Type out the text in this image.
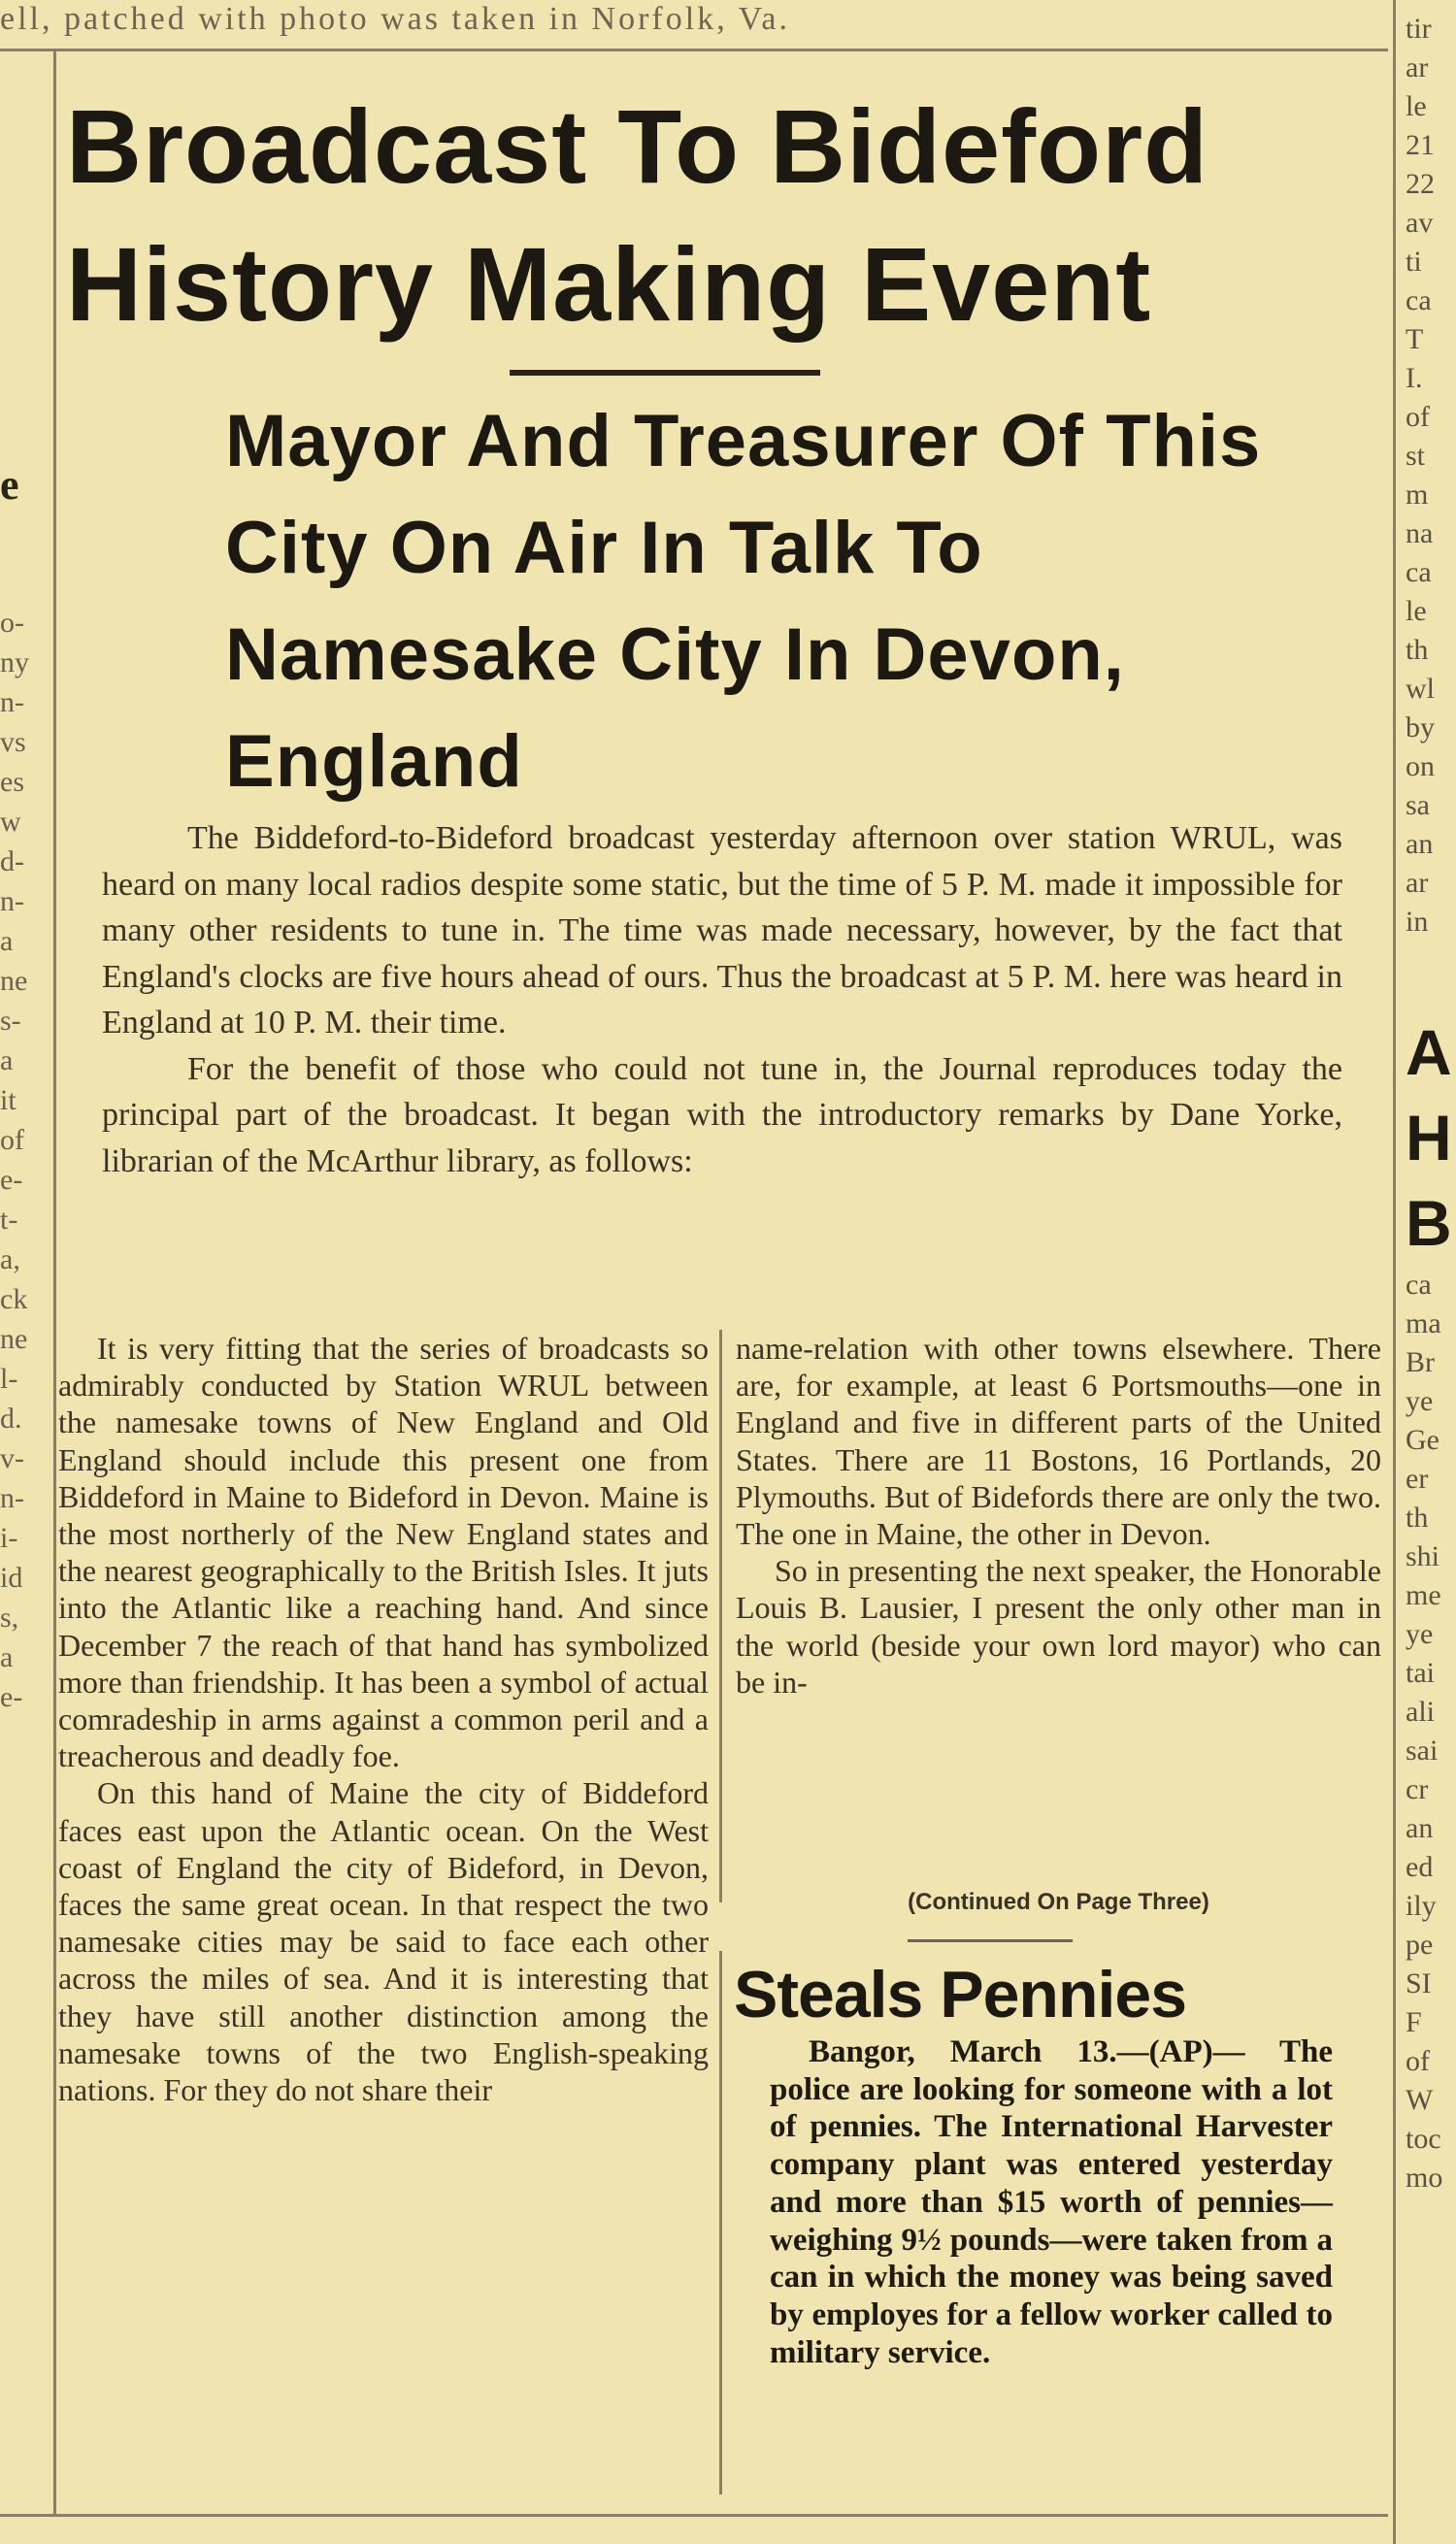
ell, patched with photo was taken in Norfolk, Va.
e
o-
ny
n-
vs
es
w
d-
n-
a
ne
s-
a
it
of
e-
t-
a,
ck
ne
l-
d.
v-
n-
i-
id
s,
a
e-
tir
ar
le
21
22
av
ti
ca
T
I.
of
st
m
na
ca
le
th
wl
by
on
sa
an
ar
in
A
H
B
ca
ma
Br
ye
Ge
er
th
shi
me
ye
tai
ali
sai
cr
an
ed
ily
pe
SI
F
of
W
toc
mo
Broadcast To Bideford History Making Event
Mayor And Treasurer Of This City On Air In Talk To Namesake City In Devon, England

The Biddeford-to-Bideford broadcast yesterday afternoon over station WRUL, was heard on many local radios despite some static, but the time of 5 P. M. made it impossible for many other residents to tune in. The time was made necessary, however, by the fact that England's clocks are five hours ahead of ours. Thus the broadcast at 5 P. M. here was heard in England at 10 P. M. their time.

For the benefit of those who could not tune in, the Journal reproduces today the principal part of the broadcast. It began with the introductory remarks by Dane Yorke, librarian of the McArthur library, as follows:

It is very fitting that the series of broadcasts so admirably conducted by Station WRUL between the namesake towns of New England and Old England should include this present one from Biddeford in Maine to Bideford in Devon. Maine is the most northerly of the New England states and the nearest geographically to the British Isles. It juts into the Atlantic like a reaching hand. And since December 7 the reach of that hand has symbolized more than friendship. It has been a symbol of actual comradeship in arms against a common peril and a treacherous and deadly foe.

On this hand of Maine the city of Biddeford faces east upon the Atlantic ocean. On the West coast of England the city of Bideford, in Devon, faces the same great ocean. In that respect the two namesake cities may be said to face each other across the miles of sea. And it is interesting that they have still another distinction among the namesake towns of the two English-speaking nations. For they do not share their

name-relation with other towns elsewhere. There are, for example, at least 6 Portsmouths—one in England and five in different parts of the United States. There are 11 Bostons, 16 Portlands, 20 Plymouths. But of Bidefords there are only the two. The one in Maine, the other in Devon.

So in presenting the next speaker, the Honorable Louis B. Lausier, I present the only other man in the world (beside your own lord mayor) who can be in-

(Continued On Page Three)
Steals Pennies

Bangor, March 13.—(AP)— The police are looking for someone with a lot of pennies. The International Harvester company plant was entered yesterday and more than $15 worth of pennies—weighing 9½ pounds—were taken from a can in which the money was being saved by employes for a fellow worker called to military service.
